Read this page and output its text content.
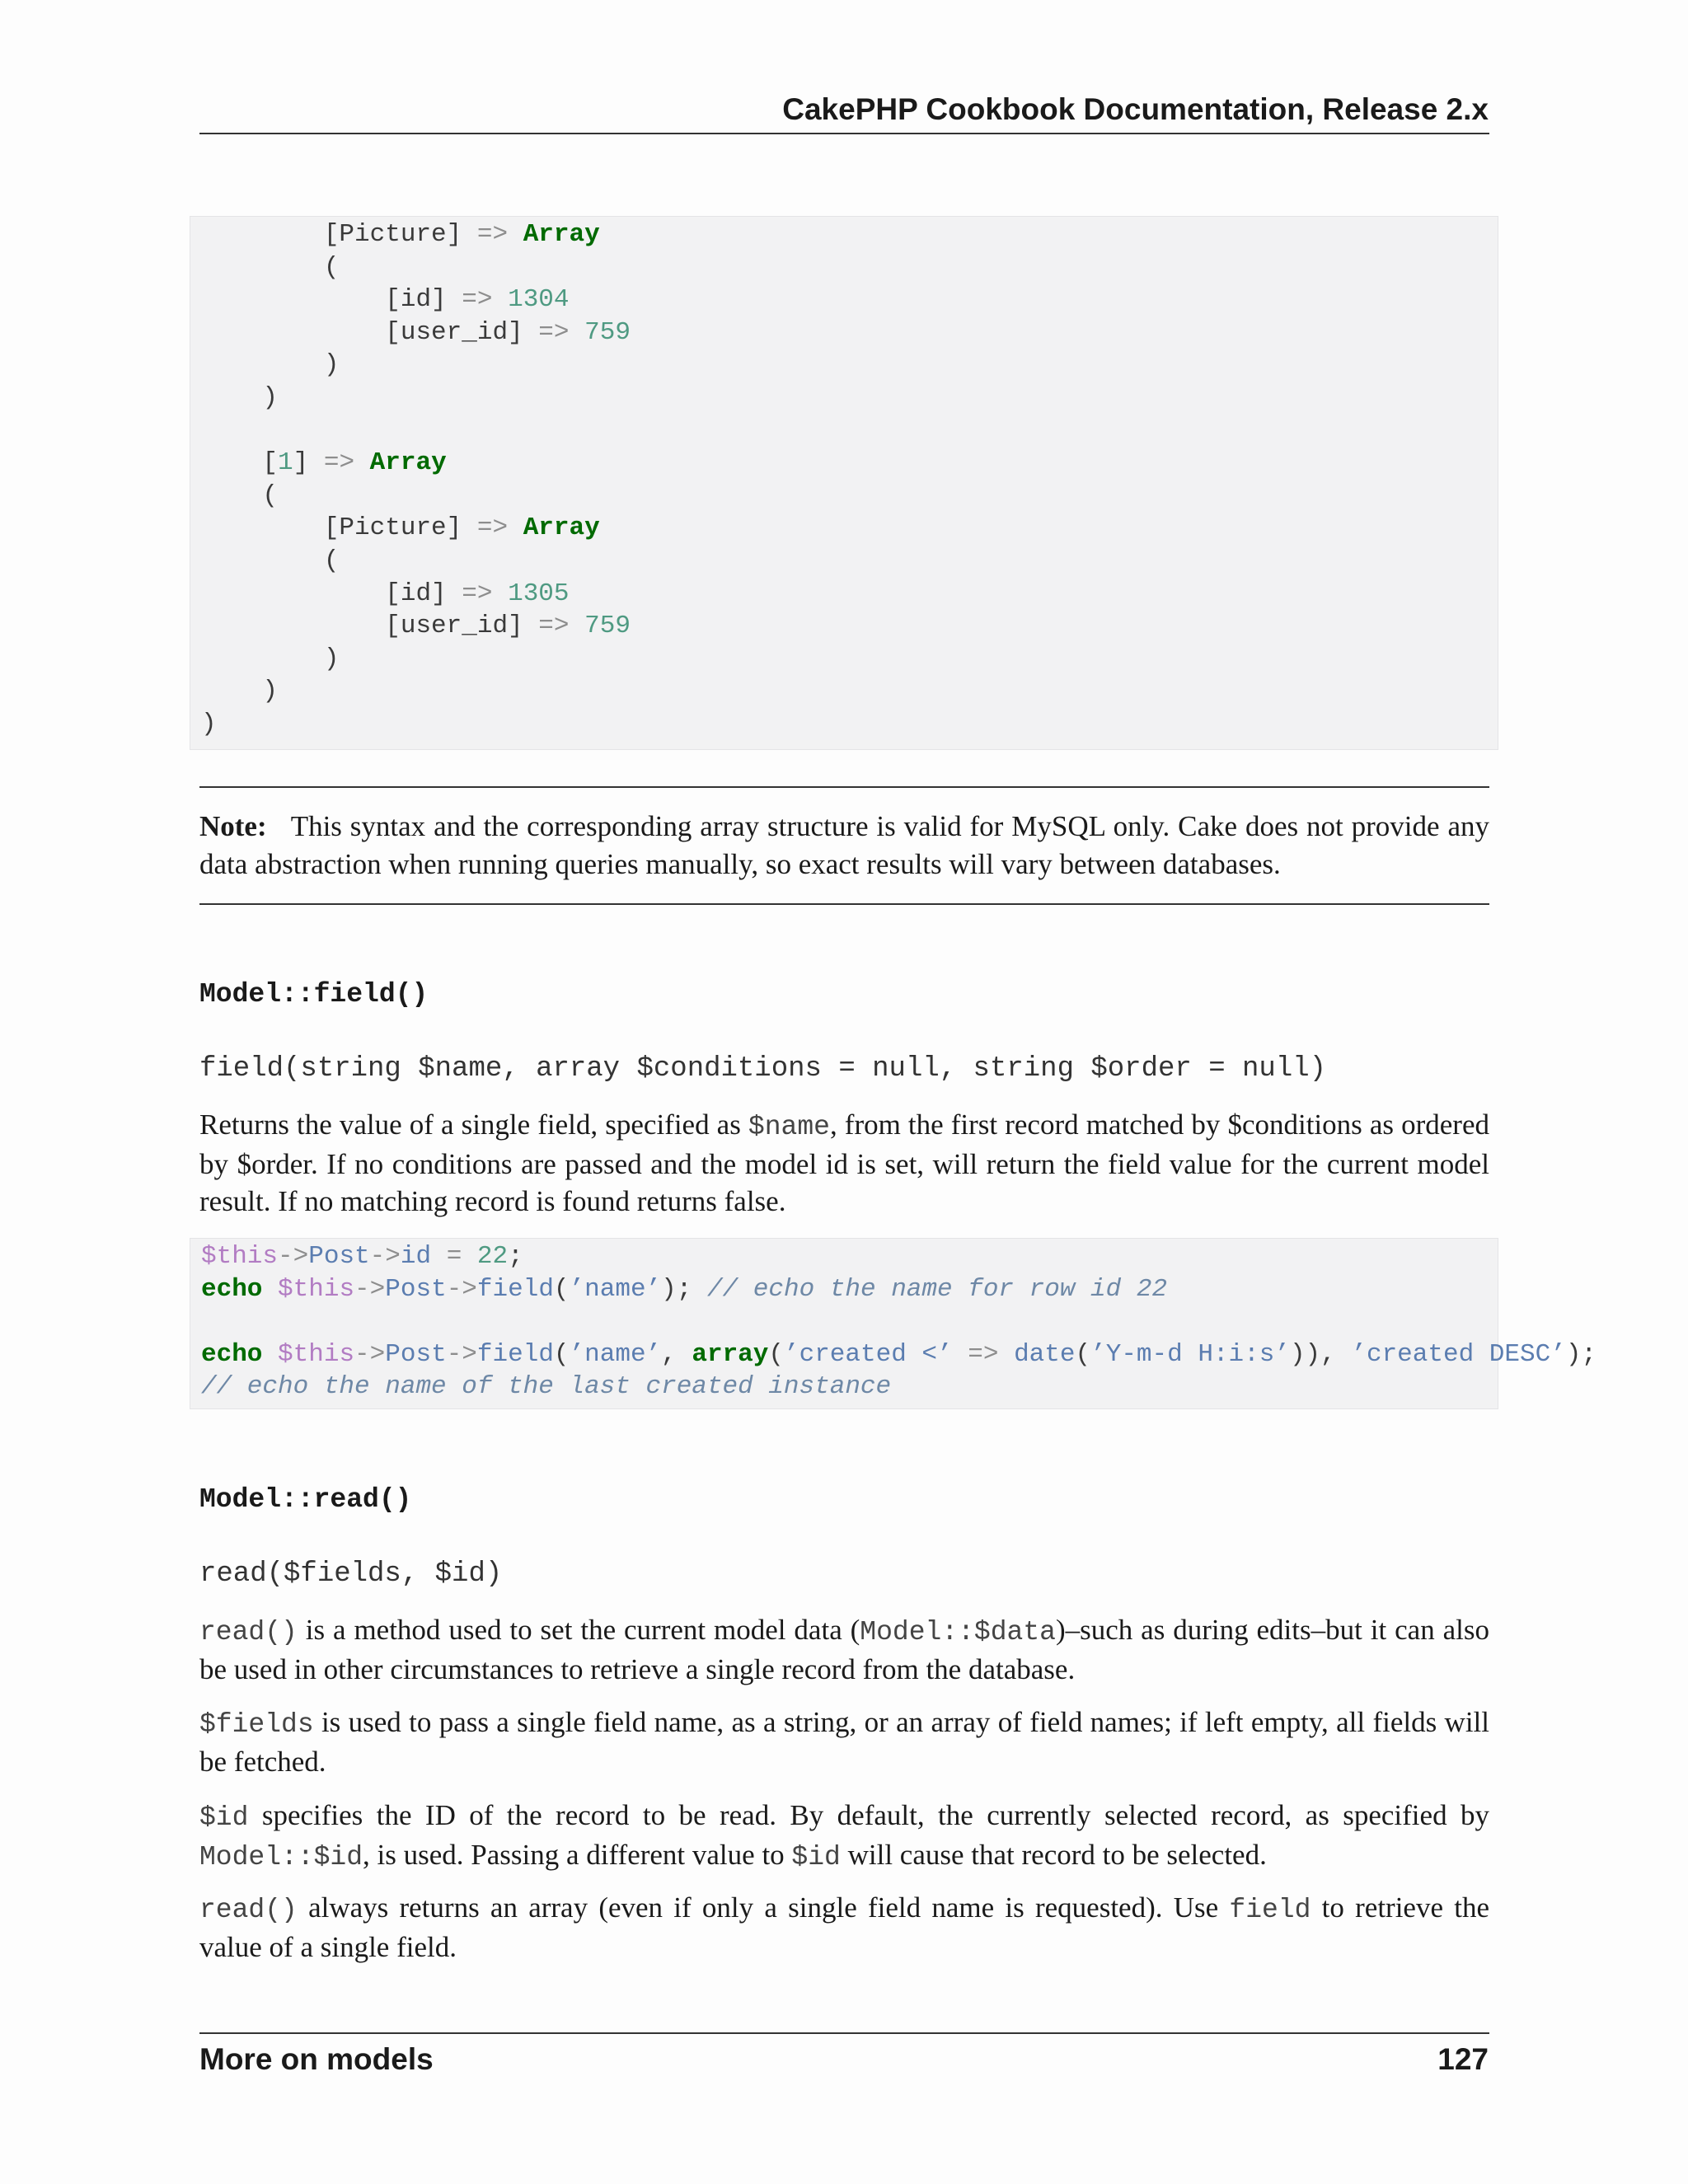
CakePHP Cookbook Documentation, Release 2.x
[Picture] => Array
(
[id] => 1304
[user_id] => 759
)
)

[1] => Array
(
[Picture] => Array
(
[id] => 1305
[user_id] => 759
)
)
)
Note: This syntax and the corresponding array structure is valid for MySQL only. Cake does not provide any data abstraction when running queries manually, so exact results will vary between databases.
Model::field()
field(string $name, array $conditions = null, string $order = null)
Returns the value of a single field, specified as $name, from the first record matched by $conditions as ordered by $order. If no conditions are passed and the model id is set, will return the field value for the current model result. If no matching record is found returns false.
$this->Post->id = 22;
echo $this->Post->field(’name’); // echo the name for row id 22

echo $this->Post->field(’name’, array(’created <’ => date(’Y-m-d H:i:s’)), ’created DESC’);
// echo the name of the last created instance
Model::read()
read($fields, $id)
read() is a method used to set the current model data (Model::$data)–such as during edits–but it can also be used in other circumstances to retrieve a single record from the database.
$fields is used to pass a single field name, as a string, or an array of field names; if left empty, all fields will be fetched.
$id specifies the ID of the record to be read. By default, the currently selected record, as specified by Model::$id, is used. Passing a different value to $id will cause that record to be selected.
read() always returns an array (even if only a single field name is requested). Use field to retrieve the value of a single field.
More on models	127
